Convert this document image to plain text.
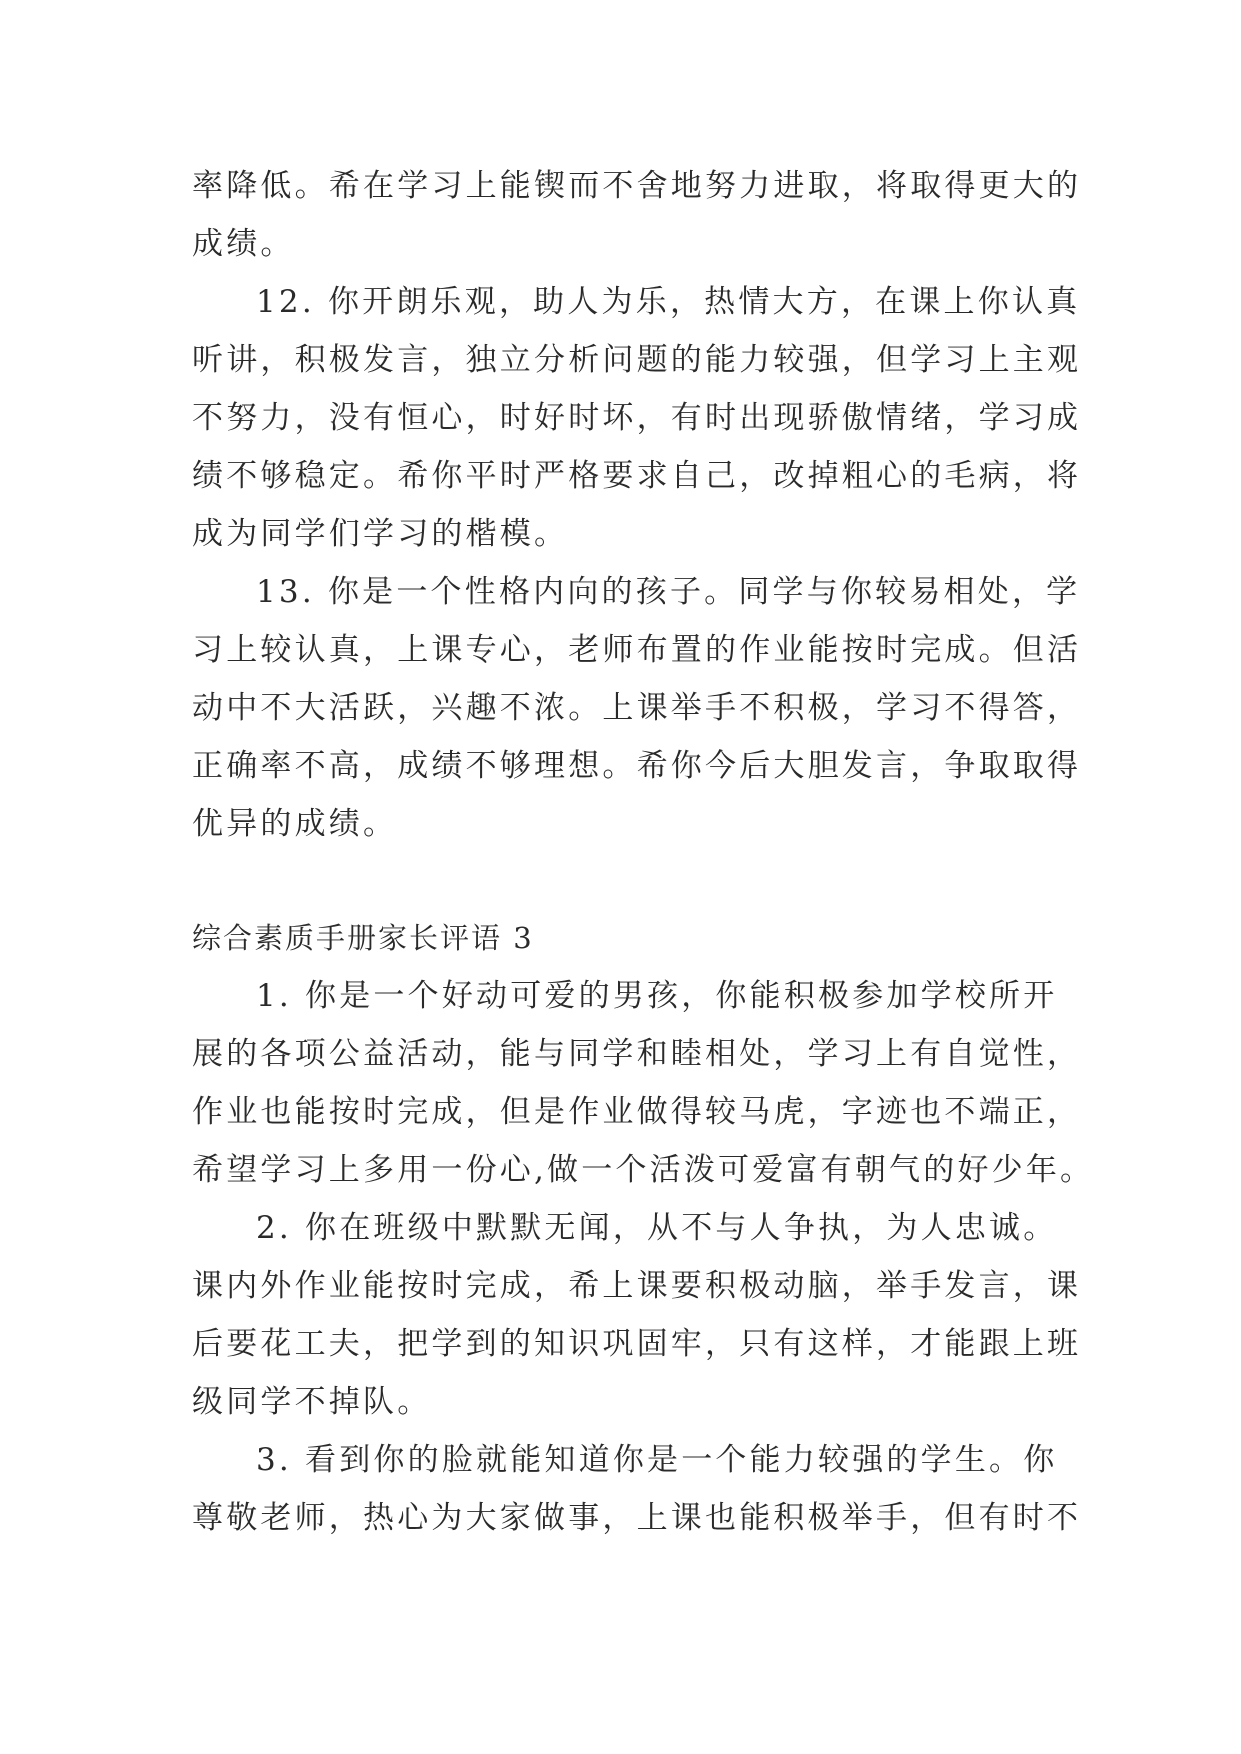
率降低。希在学习上能锲而不舍地努力进取，将取得更大的
成绩。
12. 你开朗乐观，助人为乐，热情大方，在课上你认真
听讲，积极发言，独立分析问题的能力较强，但学习上主观
不努力，没有恒心，时好时坏，有时出现骄傲情绪，学习成
绩不够稳定。希你平时严格要求自己，改掉粗心的毛病，将
成为同学们学习的楷模。
13. 你是一个性格内向的孩子。同学与你较易相处，学
习上较认真，上课专心，老师布置的作业能按时完成。但活
动中不大活跃，兴趣不浓。上课举手不积极，学习不得答，
正确率不高，成绩不够理想。希你今后大胆发言，争取取得
优异的成绩。
综合素质手册家长评语 3
1. 你是一个好动可爱的男孩，你能积极参加学校所开
展的各项公益活动，能与同学和睦相处，学习上有自觉性，
作业也能按时完成，但是作业做得较马虎，字迹也不端正，
希望学习上多用一份心,做一个活泼可爱富有朝气的好少年。
2. 你在班级中默默无闻，从不与人争执，为人忠诚。
课内外作业能按时完成，希上课要积极动脑，举手发言，课
后要花工夫，把学到的知识巩固牢，只有这样，才能跟上班
级同学不掉队。
3. 看到你的脸就能知道你是一个能力较强的学生。你
尊敬老师，热心为大家做事，上课也能积极举手，但有时不
